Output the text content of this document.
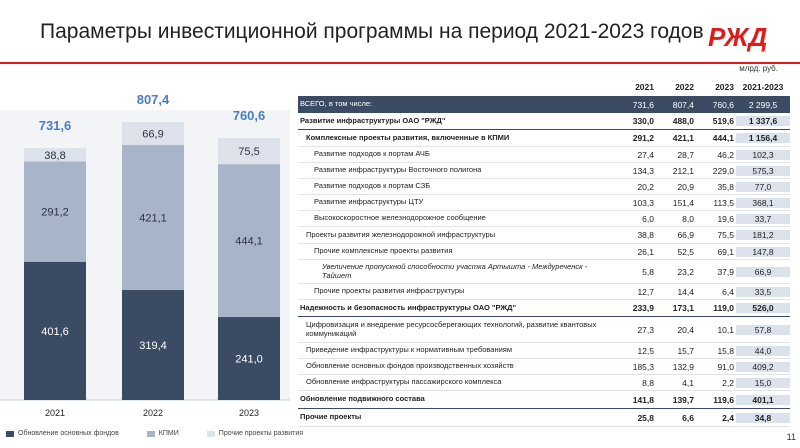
Параметры инвестиционной программы на период 2021-2023 годов РЖД
401,6
291,2
38,8
731,6
2021
319,4
421,1
66,9
807,4
2022
241,0
444,1
75,5
760,6
2023
Обновление основных фондов	КПМИ	Прочие проекты развития
млрд. руб.
2021	2022	2023	2021-2023
ВСЕГО, в том числе:	731,6	807,4	760,6	2 299,5
Развитие инфраструктуры ОАО "РЖД"	330,0	488,0	519,6	1 337,6
Комплексные проекты развития, включенные в КПМИ	291,2	421,1	444,1	1 156,4
Развитие подходов к портам АЧБ	27,4	28,7	46,2	102,3
Развитие инфраструктуры Восточного полигона	134,3	212,1	229,0	575,3
Развитие подходов к портам СЗБ	20,2	20,9	35,8	77,0
Развитие инфраструктуры ЦТУ	103,3	151,4	113,5	368,1
Высокоскоростное железнодорожное сообщение	6,0	8,0	19,6	33,7
Проекты развития железнодорожной инфраструктуры	38,8	66,9	75,5	181,2
Прочие комплексные проекты развития	26,1	52,5	69,1	147,8
Увеличение пропускной способности участка Артышта - Междуреченск - Тайшет	5,8	23,2	37,9	66,9
Прочие проекты развития инфраструктуры	12,7	14,4	6,4	33,5
Надежность и безопасность инфраструктуры ОАО "РЖД"	233,9	173,1	119,0	526,0
Цифровизация и внедрение ресурсосберегающих технологий, развитие квантовых коммуникаций	27,3	20,4	10,1	57,8
Приведение инфраструктуры к нормативным требованиям	12,5	15,7	15,8	44,0
Обновление основных фондов производственных хозяйств	185,3	132,9	91,0	409,2
Обновление инфраструктуры пассажирского комплекса	8,8	4,1	2,2	15,0
Обновление подвижного состава	141,8	139,7	119,6	401,1
Прочие проекты	25,8	6,6	2,4	34,8
11
